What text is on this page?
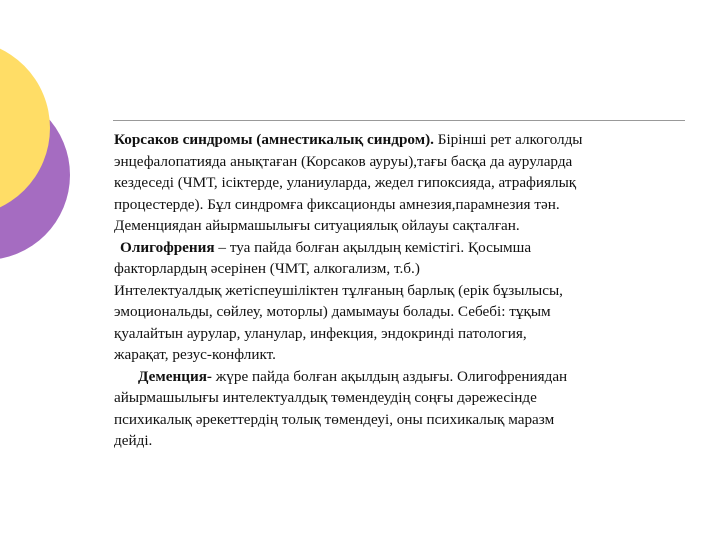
Корсаков синдромы (амнестикалық синдром). Бірінші рет алкоголды
энцефалопатияда анықтаған (Корсаков ауруы),тағы басқа да ауруларда
кездеседі (ЧМТ, ісіктерде, уланиуларда, жедел гипоксияда, атрафиялық
процестерде). Бұл синдромға фиксационды амнезия,парамнезия тән.
Деменциядан айырмашылығы ситуациялық ойлауы сақталған.
Олигофрения – туа пайда болған ақылдың кемістігі. Қосымша
факторлардың әсерінен (ЧМТ, алкогализм, т.б.)
Интелектуалдық жетіспеушіліктен тұлғаның барлық (ерік бұзылысы,
эмоциональды, сөйлеу, моторлы) дамымауы болады. Себебі: тұқым
қуалайтын аурулар, уланулар, инфекция, эндокринді патология,
жарақат, резус-конфликт.
Деменция- жүре пайда болған ақылдың аздығы. Олигофрениядан
айырмашылығы интелектуалдық төмендеудің соңғы дәрежесінде
психикалық әрекеттердің толық төмендеуі, оны психикалық маразм
дейді.
